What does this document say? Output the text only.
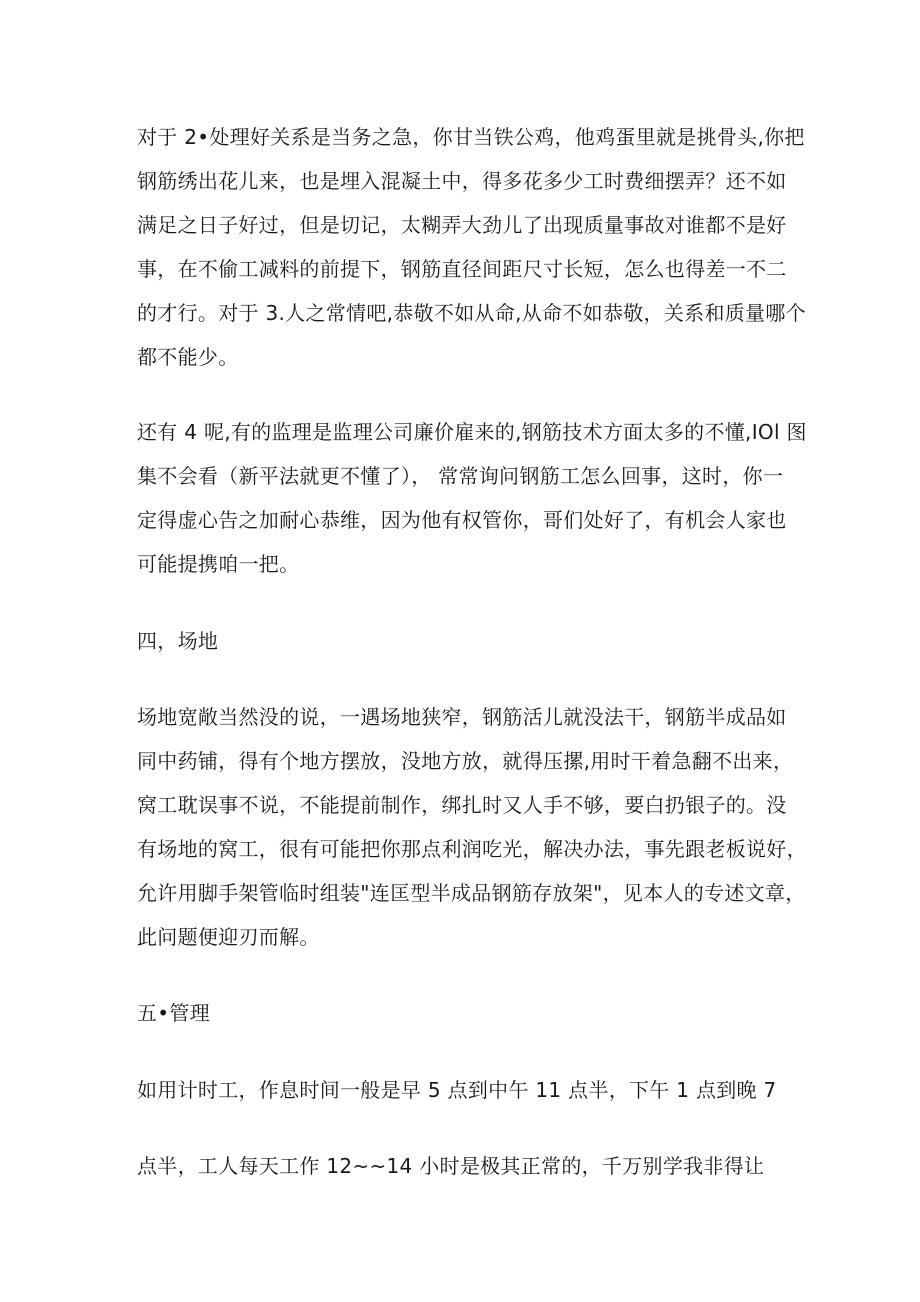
对于 2•处理好关系是当务之急，你甘当铁公鸡，他鸡蛋里就是挑骨头,你把
钢筋绣出花儿来，也是埋入混凝土中，得多花多少工时费细摆弄？还不如
满足之日子好过，但是切记，太糊弄大劲儿了出现质量事故对谁都不是好
事，在不偷工减料的前提下，钢筋直径间距尺寸长短，怎么也得差一不二
的才行。对于 3.人之常情吧,恭敬不如从命,从命不如恭敬，关系和质量哪个
都不能少。
还有 4 呢,有的监理是监理公司廉价雇来的,钢筋技术方面太多的不懂,IOl 图
集不会看（新平法就更不懂了）， 常常询问钢筋工怎么回事，这时，你一
定得虚心告之加耐心恭维，因为他有权管你，哥们处好了，有机会人家也
可能提携咱一把。
四，场地
场地宽敞当然没的说，一遇场地狭窄，钢筋活儿就没法干，钢筋半成品如
同中药铺，得有个地方摆放，没地方放，就得压摞,用时干着急翻不出来，
窝工耽误事不说，不能提前制作，绑扎时又人手不够，要白扔银子的。没
有场地的窝工，很有可能把你那点利润吃光，解决办法，事先跟老板说好，
允许用脚手架管临时组装"连匡型半成品钢筋存放架"，见本人的专述文章，
此问题便迎刃而解。
五•管理
如用计时工，作息时间一般是早 5 点到中午 11 点半，下午 1 点到晚 7
点半，工人每天工作 12~~14 小时是极其正常的，千万别学我非得让
